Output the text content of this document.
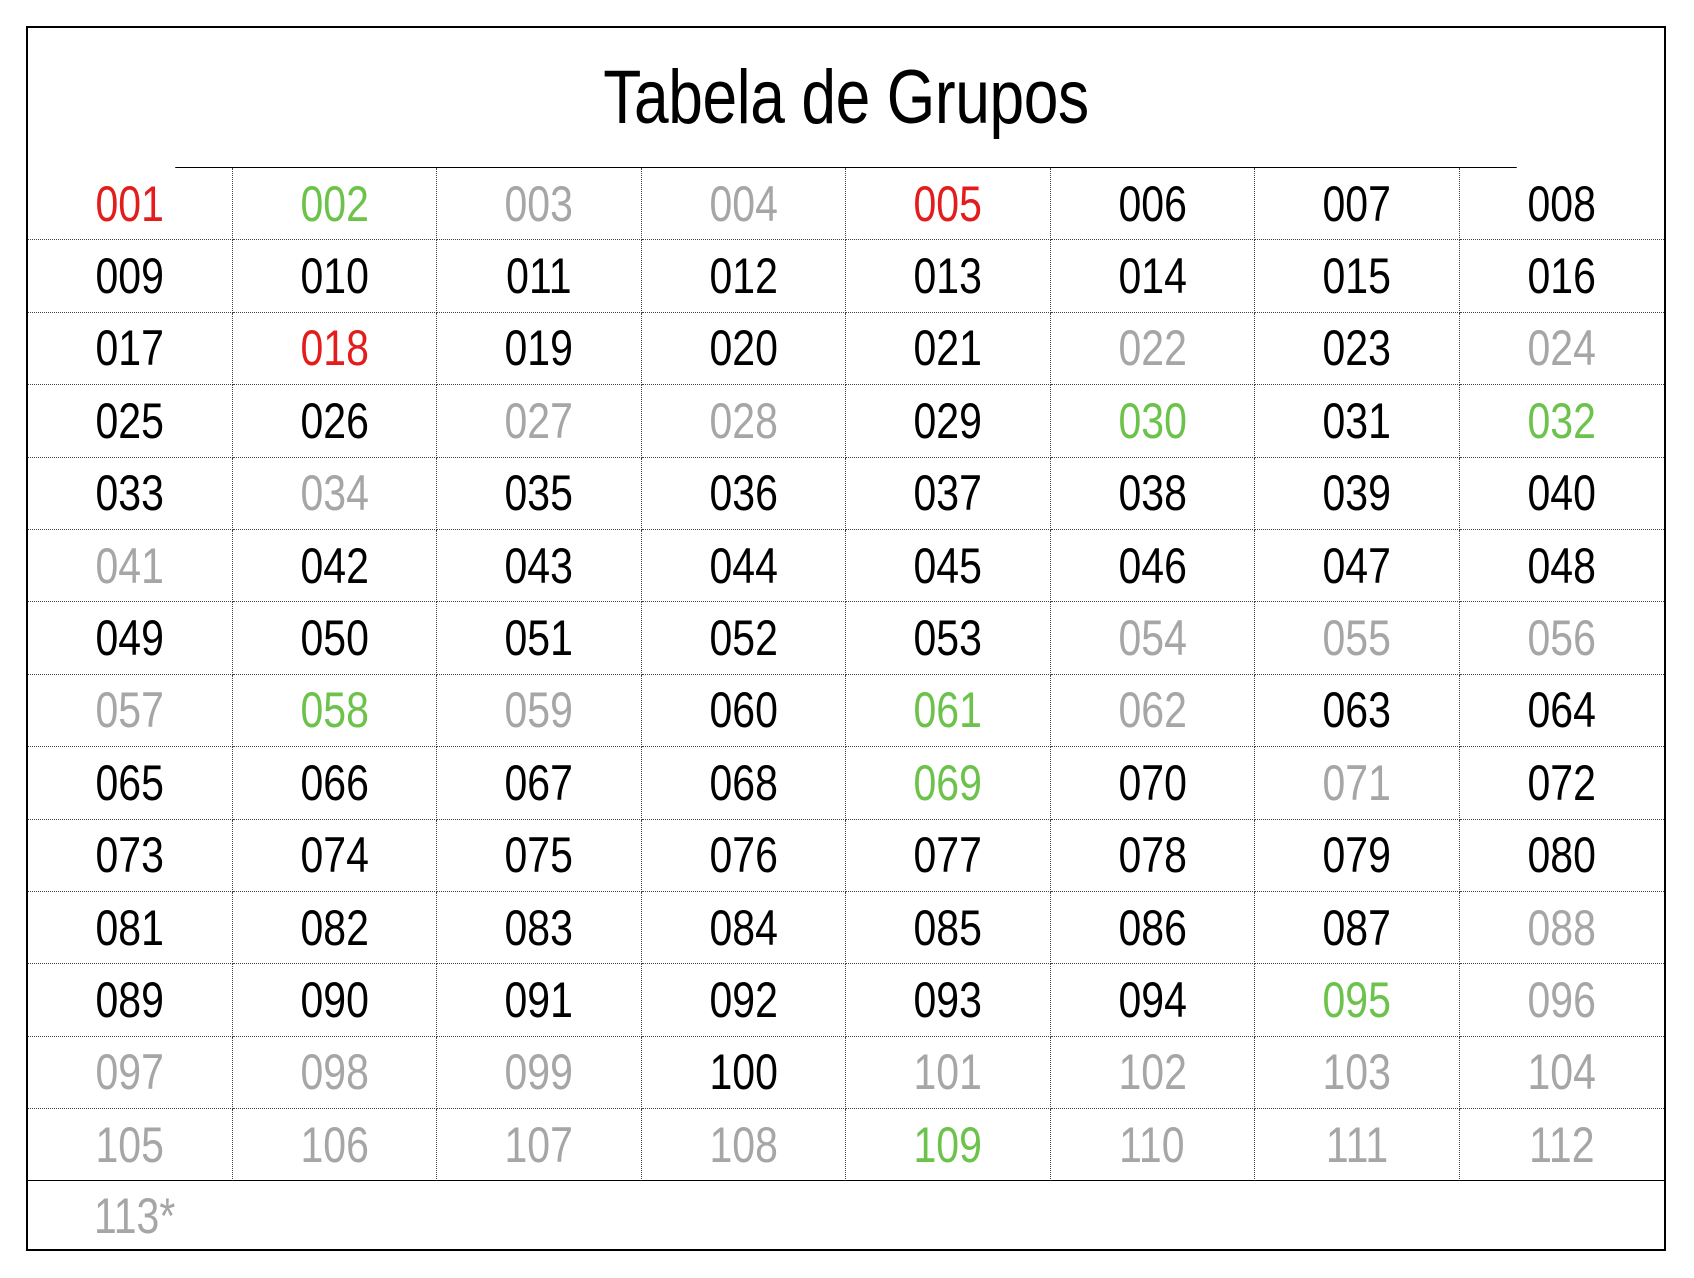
Tabela de Grupos
001	002	003	004	005	006	007	008
009	010	011	012	013	014	015	016
017	018	019	020	021	022	023	024
025	026	027	028	029	030	031	032
033	034	035	036	037	038	039	040
041	042	043	044	045	046	047	048
049	050	051	052	053	054	055	056
057	058	059	060	061	062	063	064
065	066	067	068	069	070	071	072
073	074	075	076	077	078	079	080
081	082	083	084	085	086	087	088
089	090	091	092	093	094	095	096
097	098	099	100	101	102	103	104
105	106	107	108	109	110	111	112
113*
